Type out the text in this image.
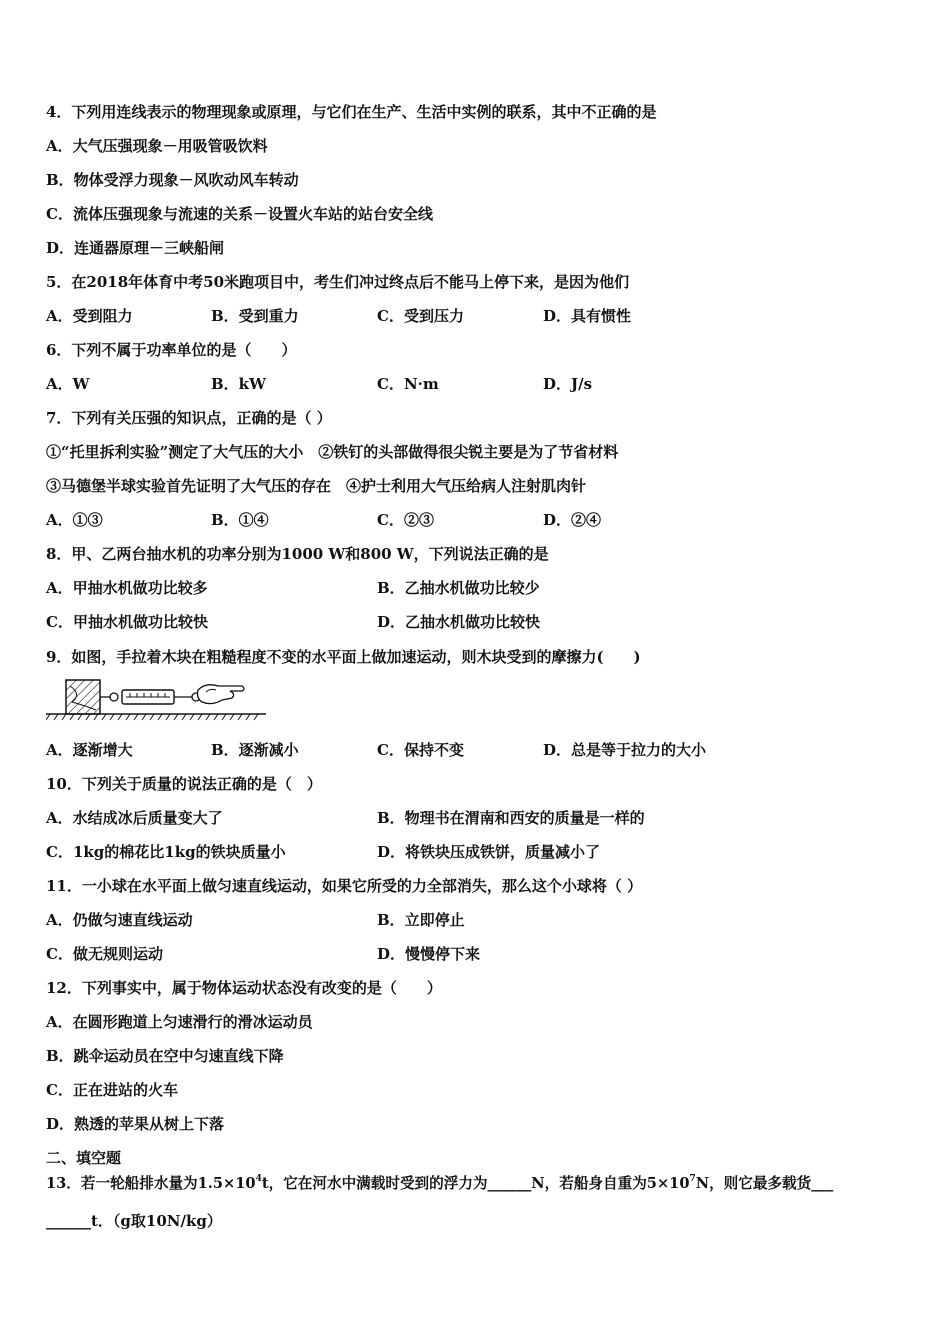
4．下列用连线表示的物理现象或原理，与它们在生产、生活中实例的联系，其中不正确的是
A．大气压强现象－用吸管吸饮料
B．物体受浮力现象－风吹动风车转动
C．流体压强现象与流速的关系－设置火车站的站台安全线
D．连通器原理－三峡船闸
5．在2018年体育中考50米跑项目中，考生们冲过终点后不能马上停下来，是因为他们
A．受到阻力	B．受到重力	C．受到压力	D．具有惯性
6．下列不属于功率单位的是（　　）
A．W	B．kW	C．N·m	D．J/s
7．下列有关压强的知识点，正确的是（ ）
①“托里拆利实验”测定了大气压的大小　②铁钉的头部做得很尖锐主要是为了节省材料
③马德堡半球实验首先证明了大气压的存在　④护士利用大气压给病人注射肌肉针
A．①③	B．①④	C．②③	D．②④
8．甲、乙两台抽水机的功率分别为1000 W和800 W，下列说法正确的是
A．甲抽水机做功比较多	B．乙抽水机做功比较少
C．甲抽水机做功比较快	D．乙抽水机做功比较快
9．如图，手拉着木块在粗糙程度不变的水平面上做加速运动，则木块受到的摩擦力(　　)
A．逐渐增大	B．逐渐减小	C．保持不变	D．总是等于拉力的大小
10．下列关于质量的说法正确的是（　）
A．水结成冰后质量变大了	B．物理书在渭南和西安的质量是一样的
C．1kg的棉花比1kg的铁块质量小	D．将铁块压成铁饼，质量减小了
11．一小球在水平面上做匀速直线运动，如果它所受的力全部消失，那么这个小球将（ ）
A．仍做匀速直线运动	B．立即停止
C．做无规则运动	D．慢慢停下来
12．下列事实中，属于物体运动状态没有改变的是（　　）
A．在圆形跑道上匀速滑行的滑冰运动员
B．跳伞运动员在空中匀速直线下降
C．正在进站的火车
D．熟透的苹果从树上下落
二、填空题
13．若一轮船排水量为$1.5\times 10^4t$，它在河水中满载时受到的浮力为______N，若船身自重为$5\times 10^7N$，则它最多载货___
______t．（g取10N/kg）
